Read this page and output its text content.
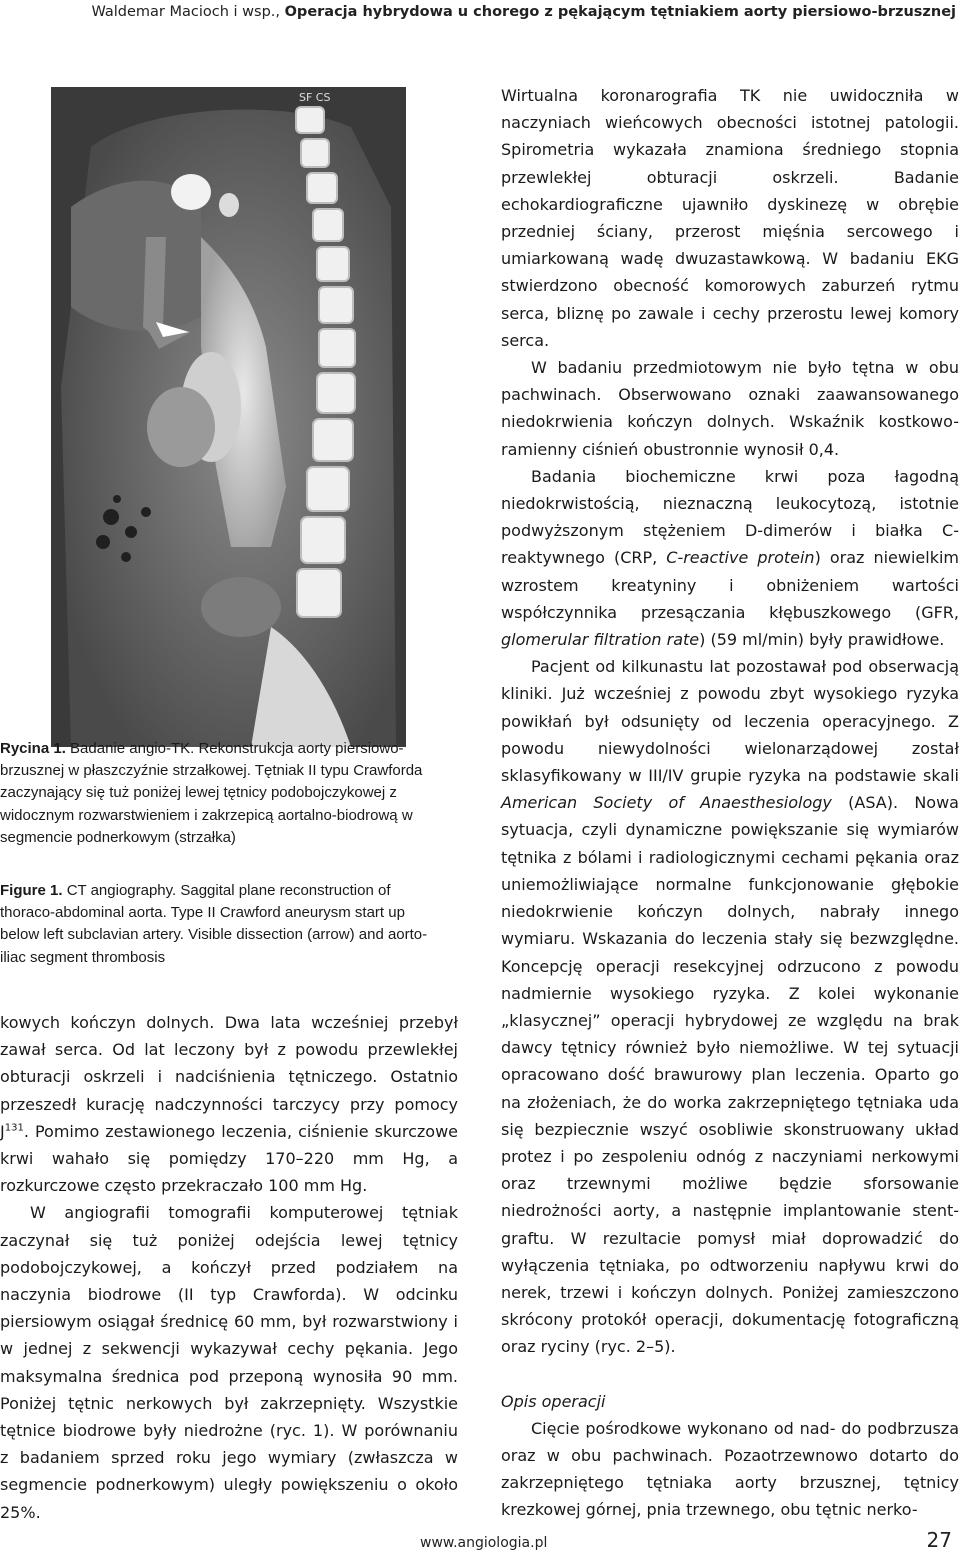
Waldemar Macioch i wsp., Operacja hybrydowa u chorego z pękającym tętniakiem aorty piersiowo-brzusznej
SF CS
Rycina 1. Badanie angio-TK. Rekonstrukcja aorty piersiowo-brzusznej w płaszczyźnie strzałkowej. Tętniak II typu Crawforda zaczynający się tuż poniżej lewej tętnicy podobojczykowej z widocznym rozwarstwieniem i zakrzepicą aortalno-biodrową w segmencie podnerkowym (strzałka)
Figure 1. CT angiography. Saggital plane reconstruction of thoraco-abdominal aorta. Type II Crawford aneurysm start up below left subclavian artery. Visible dissection (arrow) and aorto-iliac segment thrombosis

kowych kończyn dolnych. Dwa lata wcześniej przebył zawał serca. Od lat leczony był z powodu przewlekłej obturacji oskrzeli i nadciśnienia tętniczego. Ostatnio przeszedł kurację nadczynności tarczycy przy pomocy $J^{131}$. Pomimo zestawionego leczenia, ciśnienie skurczowe krwi wahało się pomiędzy 170–220 mm Hg, a rozkurczowe często przekraczało 100 mm Hg.

W angiografii tomografii komputerowej tętniak zaczynał się tuż poniżej odejścia lewej tętnicy podobojczykowej, a kończył przed podziałem na naczynia biodrowe (II typ Crawforda). W odcinku piersiowym osiągał średnicę 60 mm, był rozwarstwiony i w jednej z sekwencji wykazywał cechy pękania. Jego maksymalna średnica pod przeponą wynosiła 90 mm. Poniżej tętnic nerkowych był zakrzepnięty. Wszystkie tętnice biodrowe były niedrożne (ryc. 1). W porównaniu z badaniem sprzed roku jego wymiary (zwłaszcza w segmencie podnerkowym) uległy powiększeniu o około 25%.

Wirtualna koronarografia TK nie uwidoczniła w naczyniach wieńcowych obecności istotnej patologii. Spirometria wykazała znamiona średniego stopnia przewlekłej obturacji oskrzeli. Badanie echokardiograficzne ujawniło dyskinezę w obrębie przedniej ściany, przerost mięśnia sercowego i umiarkowaną wadę dwuzastawkową. W badaniu EKG stwierdzono obecność komorowych zaburzeń rytmu serca, bliznę po zawale i cechy przerostu lewej komory serca.

W badaniu przedmiotowym nie było tętna w obu pachwinach. Obserwowano oznaki zaawansowanego niedokrwienia kończyn dolnych. Wskaźnik kostkowo-ramienny ciśnień obustronnie wynosił 0,4.

Badania biochemiczne krwi poza łagodną niedokrwistością, nieznaczną leukocytozą, istotnie podwyższonym stężeniem D-dimerów i białka C-reaktywnego (CRP, C-reactive protein) oraz niewielkim wzrostem kreatyniny i obniżeniem wartości współczynnika przesączania kłębuszkowego (GFR, glomerular filtration rate) (59 ml/min) były prawidłowe.

Pacjent od kilkunastu lat pozostawał pod obserwacją kliniki. Już wcześniej z powodu zbyt wysokiego ryzyka powikłań był odsunięty od leczenia operacyjnego. Z powodu niewydolności wielonarządowej został sklasyfikowany w III/IV grupie ryzyka na podstawie skali American Society of Anaesthesiology (ASA). Nowa sytuacja, czyli dynamiczne powiększanie się wymiarów tętnika z bólami i radiologicznymi cechami pękania oraz uniemożliwiające normalne funkcjonowanie głębokie niedokrwienie kończyn dolnych, nabrały innego wymiaru. Wskazania do leczenia stały się bezwzględne. Koncepcję operacji resekcyjnej odrzucono z powodu nadmiernie wysokiego ryzyka. Z kolei wykonanie „klasycznej” operacji hybrydowej ze względu na brak dawcy tętnicy również było niemożliwe. W tej sytuacji opracowano dość brawurowy plan leczenia. Oparto go na złożeniach, że do worka zakrzepniętego tętniaka uda się bezpiecznie wszyć osobliwie skonstruowany układ protez i po zespoleniu odnóg z naczyniami nerkowymi oraz trzewnymi możliwe będzie sforsowanie niedrożności aorty, a następnie implantowanie stent-graftu. W rezultacie pomysł miał doprowadzić do wyłączenia tętniaka, po odtworzeniu napływu krwi do nerek, trzewi i kończyn dolnych. Poniżej zamieszczono skrócony protokół operacji, dokumentację fotograficzną oraz ryciny (ryc. 2–5).

Opis operacji

Cięcie pośrodkowe wykonano od nad- do podbrzusza oraz w obu pachwinach. Pozaotrzewnowo dotarto do zakrzepniętego tętniaka aorty brzusznej, tętnicy krezkowej górnej, pnia trzewnego, obu tętnic nerko-

www.angiologia.pl	27
